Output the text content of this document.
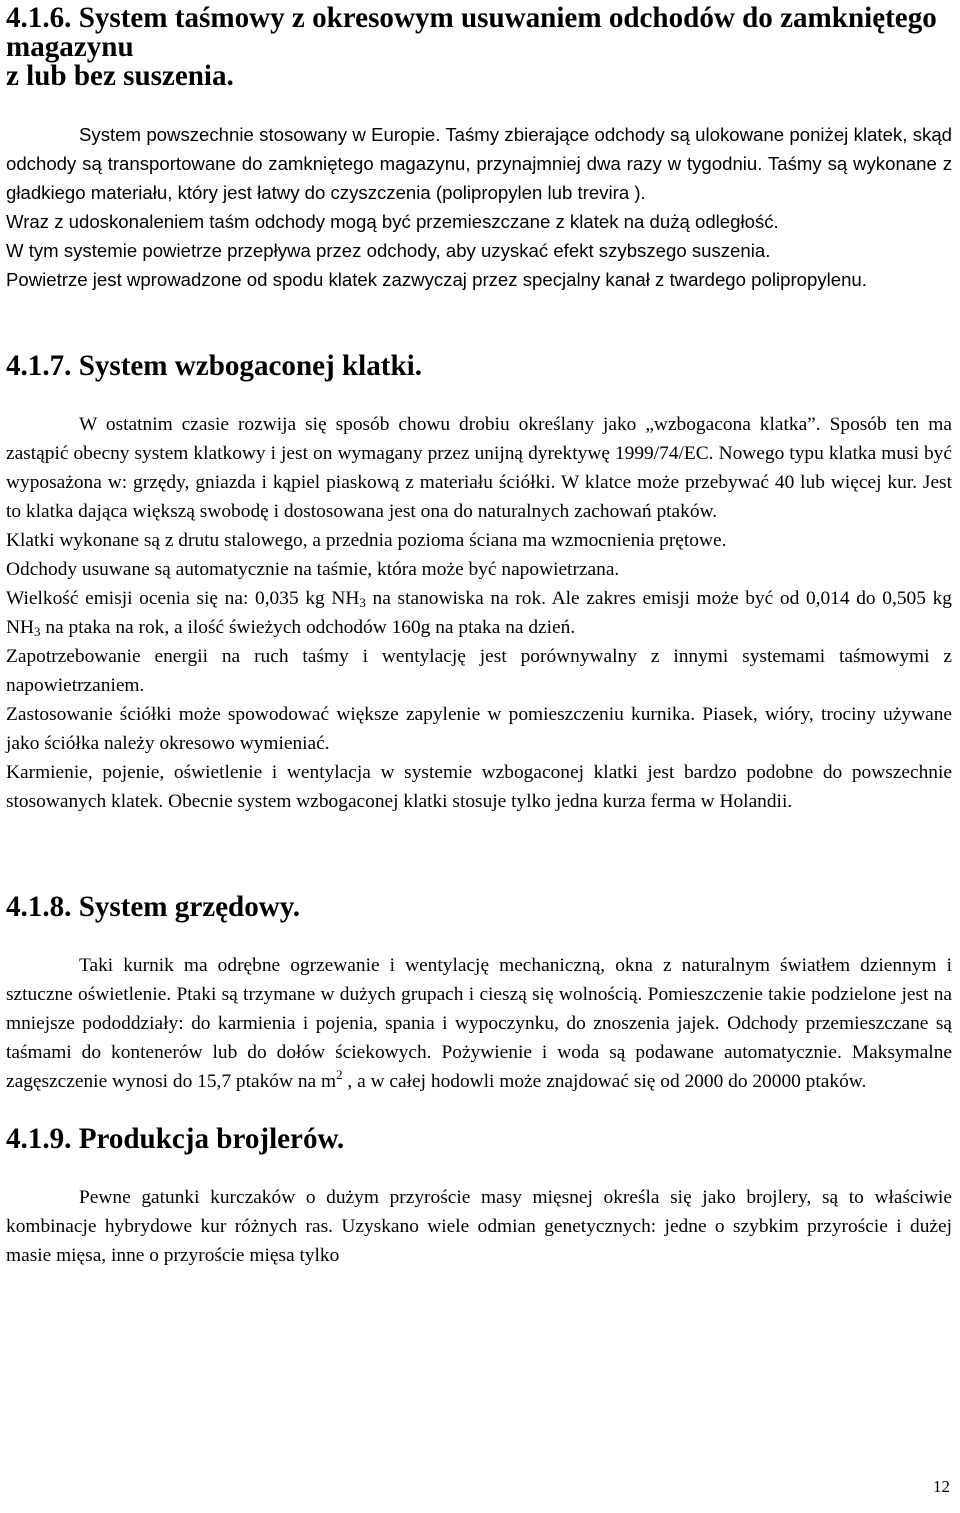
4.1.6. System taśmowy z okresowym usuwaniem odchodów do zamkniętego magazynu
z lub bez suszenia.

System powszechnie stosowany w Europie. Taśmy zbierające odchody są ulokowane poniżej klatek, skąd odchody są transportowane do zamkniętego magazynu, przynajmniej dwa razy w tygodniu. Taśmy są wykonane z gładkiego materiału, który jest łatwy do czyszczenia (polipropylen lub trevira ).

Wraz z udoskonaleniem taśm odchody mogą być przemieszczane z klatek na dużą odległość.

W tym systemie powietrze przepływa przez odchody, aby uzyskać efekt szybszego suszenia.

Powietrze jest wprowadzone od spodu klatek zazwyczaj przez specjalny kanał z twardego polipropylenu.

4.1.7. System wzbogaconej klatki.

W ostatnim czasie rozwija się sposób chowu drobiu określany jako „wzbogacona klatka”. Sposób ten ma zastąpić obecny system klatkowy i jest on wymagany przez unijną dyrektywę 1999/74/EC. Nowego typu klatka musi być wyposażona w: grzędy, gniazda i kąpiel piaskową z materiału ściółki. W klatce może przebywać 40 lub więcej kur. Jest to klatka dająca większą swobodę i dostosowana jest ona do naturalnych zachowań ptaków.

Klatki wykonane są z drutu stalowego, a przednia pozioma ściana ma wzmocnienia prętowe.

Odchody usuwane są automatycznie na taśmie, która może być napowietrzana.

Wielkość emisji ocenia się na: 0,035 kg $NH_3$ na stanowiska na rok. Ale zakres emisji może być od 0,014 do 0,505 kg $NH_3$ na ptaka na rok, a ilość świeżych odchodów 160g na ptaka na dzień.

Zapotrzebowanie energii na ruch taśmy i wentylację jest porównywalny z innymi systemami taśmowymi z napowietrzaniem.

Zastosowanie ściółki może spowodować większe zapylenie w pomieszczeniu kurnika. Piasek, wióry, trociny używane jako ściółka należy okresowo wymieniać.

Karmienie, pojenie, oświetlenie i wentylacja w systemie wzbogaconej klatki jest bardzo podobne do powszechnie stosowanych klatek. Obecnie system wzbogaconej klatki stosuje tylko jedna kurza ferma w Holandii.

4.1.8. System grzędowy.

Taki kurnik ma odrębne ogrzewanie i wentylację mechaniczną, okna z naturalnym światłem dziennym i sztuczne oświetlenie. Ptaki są trzymane w dużych grupach i cieszą się wolnością. Pomieszczenie takie podzielone jest na mniejsze pododdziały: do karmienia i pojenia, spania i wypoczynku, do znoszenia jajek. Odchody przemieszczane są taśmami do kontenerów lub do dołów ściekowych. Pożywienie i woda są podawane automatycznie. Maksymalne zagęszczenie wynosi do 15,7 ptaków na $m^2$ , a w całej hodowli może znajdować się od 2000 do 20000 ptaków.

4.1.9. Produkcja brojlerów.

Pewne gatunki kurczaków o dużym przyroście masy mięsnej określa się jako brojlery, są to właściwie kombinacje hybrydowe kur różnych ras. Uzyskano wiele odmian genetycznych: jedne o szybkim przyroście i dużej masie mięsa, inne o przyroście mięsa tylko

12
